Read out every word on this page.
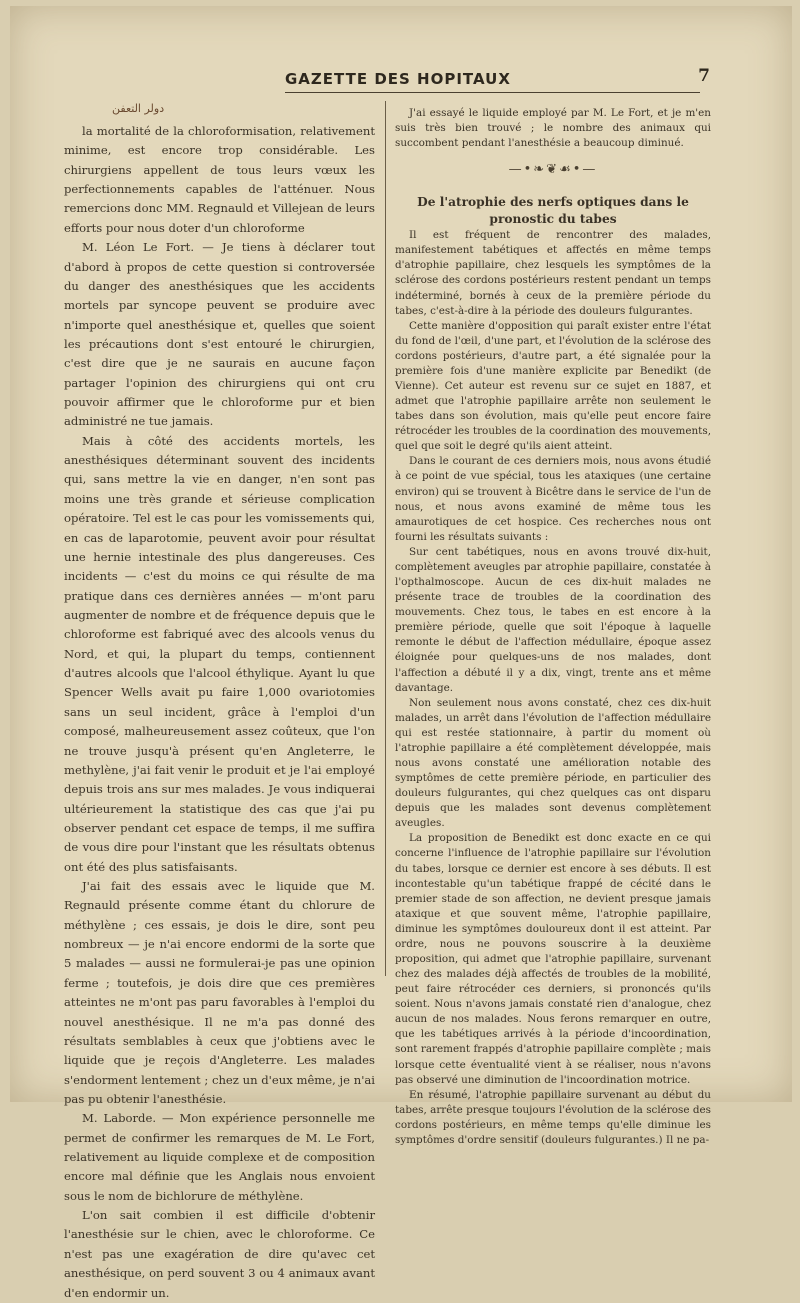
GAZETTE DES HOPITAUX	7
دولر التعفن

la mortalité de la chloroformisation, relativement minime, est encore trop considérable. Les chirurgiens appellent de tous leurs vœux les perfectionnements capables de l'atténuer. Nous remercions donc MM. Regnauld et Villejean de leurs efforts pour nous doter d'un chloroforme

M. Léon Le Fort. — Je tiens à déclarer tout d'abord à propos de cette question si controversée du danger des anesthésiques que les accidents mortels par syncope peuvent se produire avec n'importe quel anesthésique et, quelles que soient les précautions dont s'est entouré le chirurgien, c'est dire que je ne saurais en aucune façon partager l'opinion des chirurgiens qui ont cru pouvoir affirmer que le chloroforme pur et bien administré ne tue jamais.

Mais à côté des accidents mortels, les anesthésiques déterminant souvent des incidents qui, sans mettre la vie en danger, n'en sont pas moins une très grande et sérieuse complication opératoire. Tel est le cas pour les vomissements qui, en cas de laparotomie, peuvent avoir pour résultat une hernie intestinale des plus dangereuses. Ces incidents — c'est du moins ce qui résulte de ma pratique dans ces dernières années — m'ont paru augmenter de nombre et de fréquence depuis que le chloroforme est fabriqué avec des alcools venus du Nord, et qui, la plupart du temps, contiennent d'autres alcools que l'alcool éthylique. Ayant lu que Spencer Wells avait pu faire 1,000 ovariotomies sans un seul incident, grâce à l'emploi d'un composé, malheureusement assez coûteux, que l'on ne trouve jusqu'à présent qu'en Angleterre, le methylène, j'ai fait venir le produit et je l'ai employé depuis trois ans sur mes malades. Je vous indiquerai ultérieurement la statistique des cas que j'ai pu observer pendant cet espace de temps, il me suffira de vous dire pour l'instant que les résultats obtenus ont été des plus satisfaisants.

J'ai fait des essais avec le liquide que M. Regnauld présente comme étant du chlorure de méthylène ; ces essais, je dois le dire, sont peu nombreux — je n'ai encore endormi de la sorte que 5 malades — aussi ne formulerai-je pas une opinion ferme ; toutefois, je dois dire que ces premières atteintes ne m'ont pas paru favorables à l'emploi du nouvel anesthésique. Il ne m'a pas donné des résultats semblables à ceux que j'obtiens avec le liquide que je reçois d'Angleterre. Les malades s'endorment lentement ; chez un d'eux même, je n'ai pas pu obtenir l'anesthésie.

M. Laborde. — Mon expérience personnelle me permet de confirmer les remarques de M. Le Fort, relativement au liquide complexe et de composition encore mal définie que les Anglais nous envoient sous le nom de bichlorure de méthylène.

L'on sait combien il est difficile d'obtenir l'anesthésie sur le chien, avec le chloroforme. Ce n'est pas une exagération de dire qu'avec cet anesthésique, on perd souvent 3 ou 4 animaux avant d'en endormir un.

J'ai essayé le liquide employé par M. Le Fort, et je m'en suis très bien trouvé ; le nombre des animaux qui succombent pendant l'anesthésie a beaucoup diminué.

—•❧❦☙•—

De l'atrophie des nerfs optiques dans le pronostic du tabes

Il est fréquent de rencontrer des malades, manifestement tabétiques et affectés en même temps d'atrophie papillaire, chez lesquels les symptômes de la sclérose des cordons postérieurs restent pendant un temps indéterminé, bornés à ceux de la première période du tabes, c'est-à-dire à la période des douleurs fulgurantes.

Cette manière d'opposition qui paraît exister entre l'état du fond de l'œil, d'une part, et l'évolution de la sclérose des cordons postérieurs, d'autre part, a été signalée pour la première fois d'une manière explicite par Benedikt (de Vienne). Cet auteur est revenu sur ce sujet en 1887, et admet que l'atrophie papillaire arrête non seulement le tabes dans son évolution, mais qu'elle peut encore faire rétrocéder les troubles de la coordination des mouvements, quel que soit le degré qu'ils aient atteint.

Dans le courant de ces derniers mois, nous avons étudié à ce point de vue spécial, tous les ataxiques (une certaine environ) qui se trouvent à Bicêtre dans le service de l'un de nous, et nous avons examiné de même tous les amaurotiques de cet hospice. Ces recherches nous ont fourni les résultats suivants :

Sur cent tabétiques, nous en avons trouvé dix-huit, complètement aveugles par atrophie papillaire, constatée à l'opthalmoscope. Aucun de ces dix-huit malades ne présente trace de troubles de la coordination des mouvements. Chez tous, le tabes en est encore à la première période, quelle que soit l'époque à laquelle remonte le début de l'affection médullaire, époque assez éloignée pour quelques-uns de nos malades, dont l'affection a débuté il y a dix, vingt, trente ans et même davantage.

Non seulement nous avons constaté, chez ces dix-huit malades, un arrêt dans l'évolution de l'affection médullaire qui est restée stationnaire, à partir du moment où l'atrophie papillaire a été complètement développée, mais nous avons constaté une amélioration notable des symptômes de cette première période, en particulier des douleurs fulgurantes, qui chez quelques cas ont disparu depuis que les malades sont devenus complètement aveugles.

La proposition de Benedikt est donc exacte en ce qui concerne l'influence de l'atrophie papillaire sur l'évolution du tabes, lorsque ce dernier est encore à ses débuts. Il est incontestable qu'un tabétique frappé de cécité dans le premier stade de son affection, ne devient presque jamais ataxique et que souvent même, l'atrophie papillaire, diminue les symptômes douloureux dont il est atteint. Par ordre, nous ne pouvons souscrire à la deuxième proposition, qui admet que l'atrophie papillaire, survenant chez des malades déjà affectés de troubles de la mobilité, peut faire rétrocéder ces derniers, si prononcés qu'ils soient. Nous n'avons jamais constaté rien d'analogue, chez aucun de nos malades. Nous ferons remarquer en outre, que les tabétiques arrivés à la période d'incoordination, sont rarement frappés d'atrophie papillaire complète ; mais lorsque cette éventualité vient à se réaliser, nous n'avons pas observé une diminution de l'incoordination motrice.

En résumé, l'atrophie papillaire survenant au début du tabes, arrête presque toujours l'évolution de la sclérose des cordons postérieurs, en même temps qu'elle diminue les symptômes d'ordre sensitif (douleurs fulgurantes.) Il ne pa-
